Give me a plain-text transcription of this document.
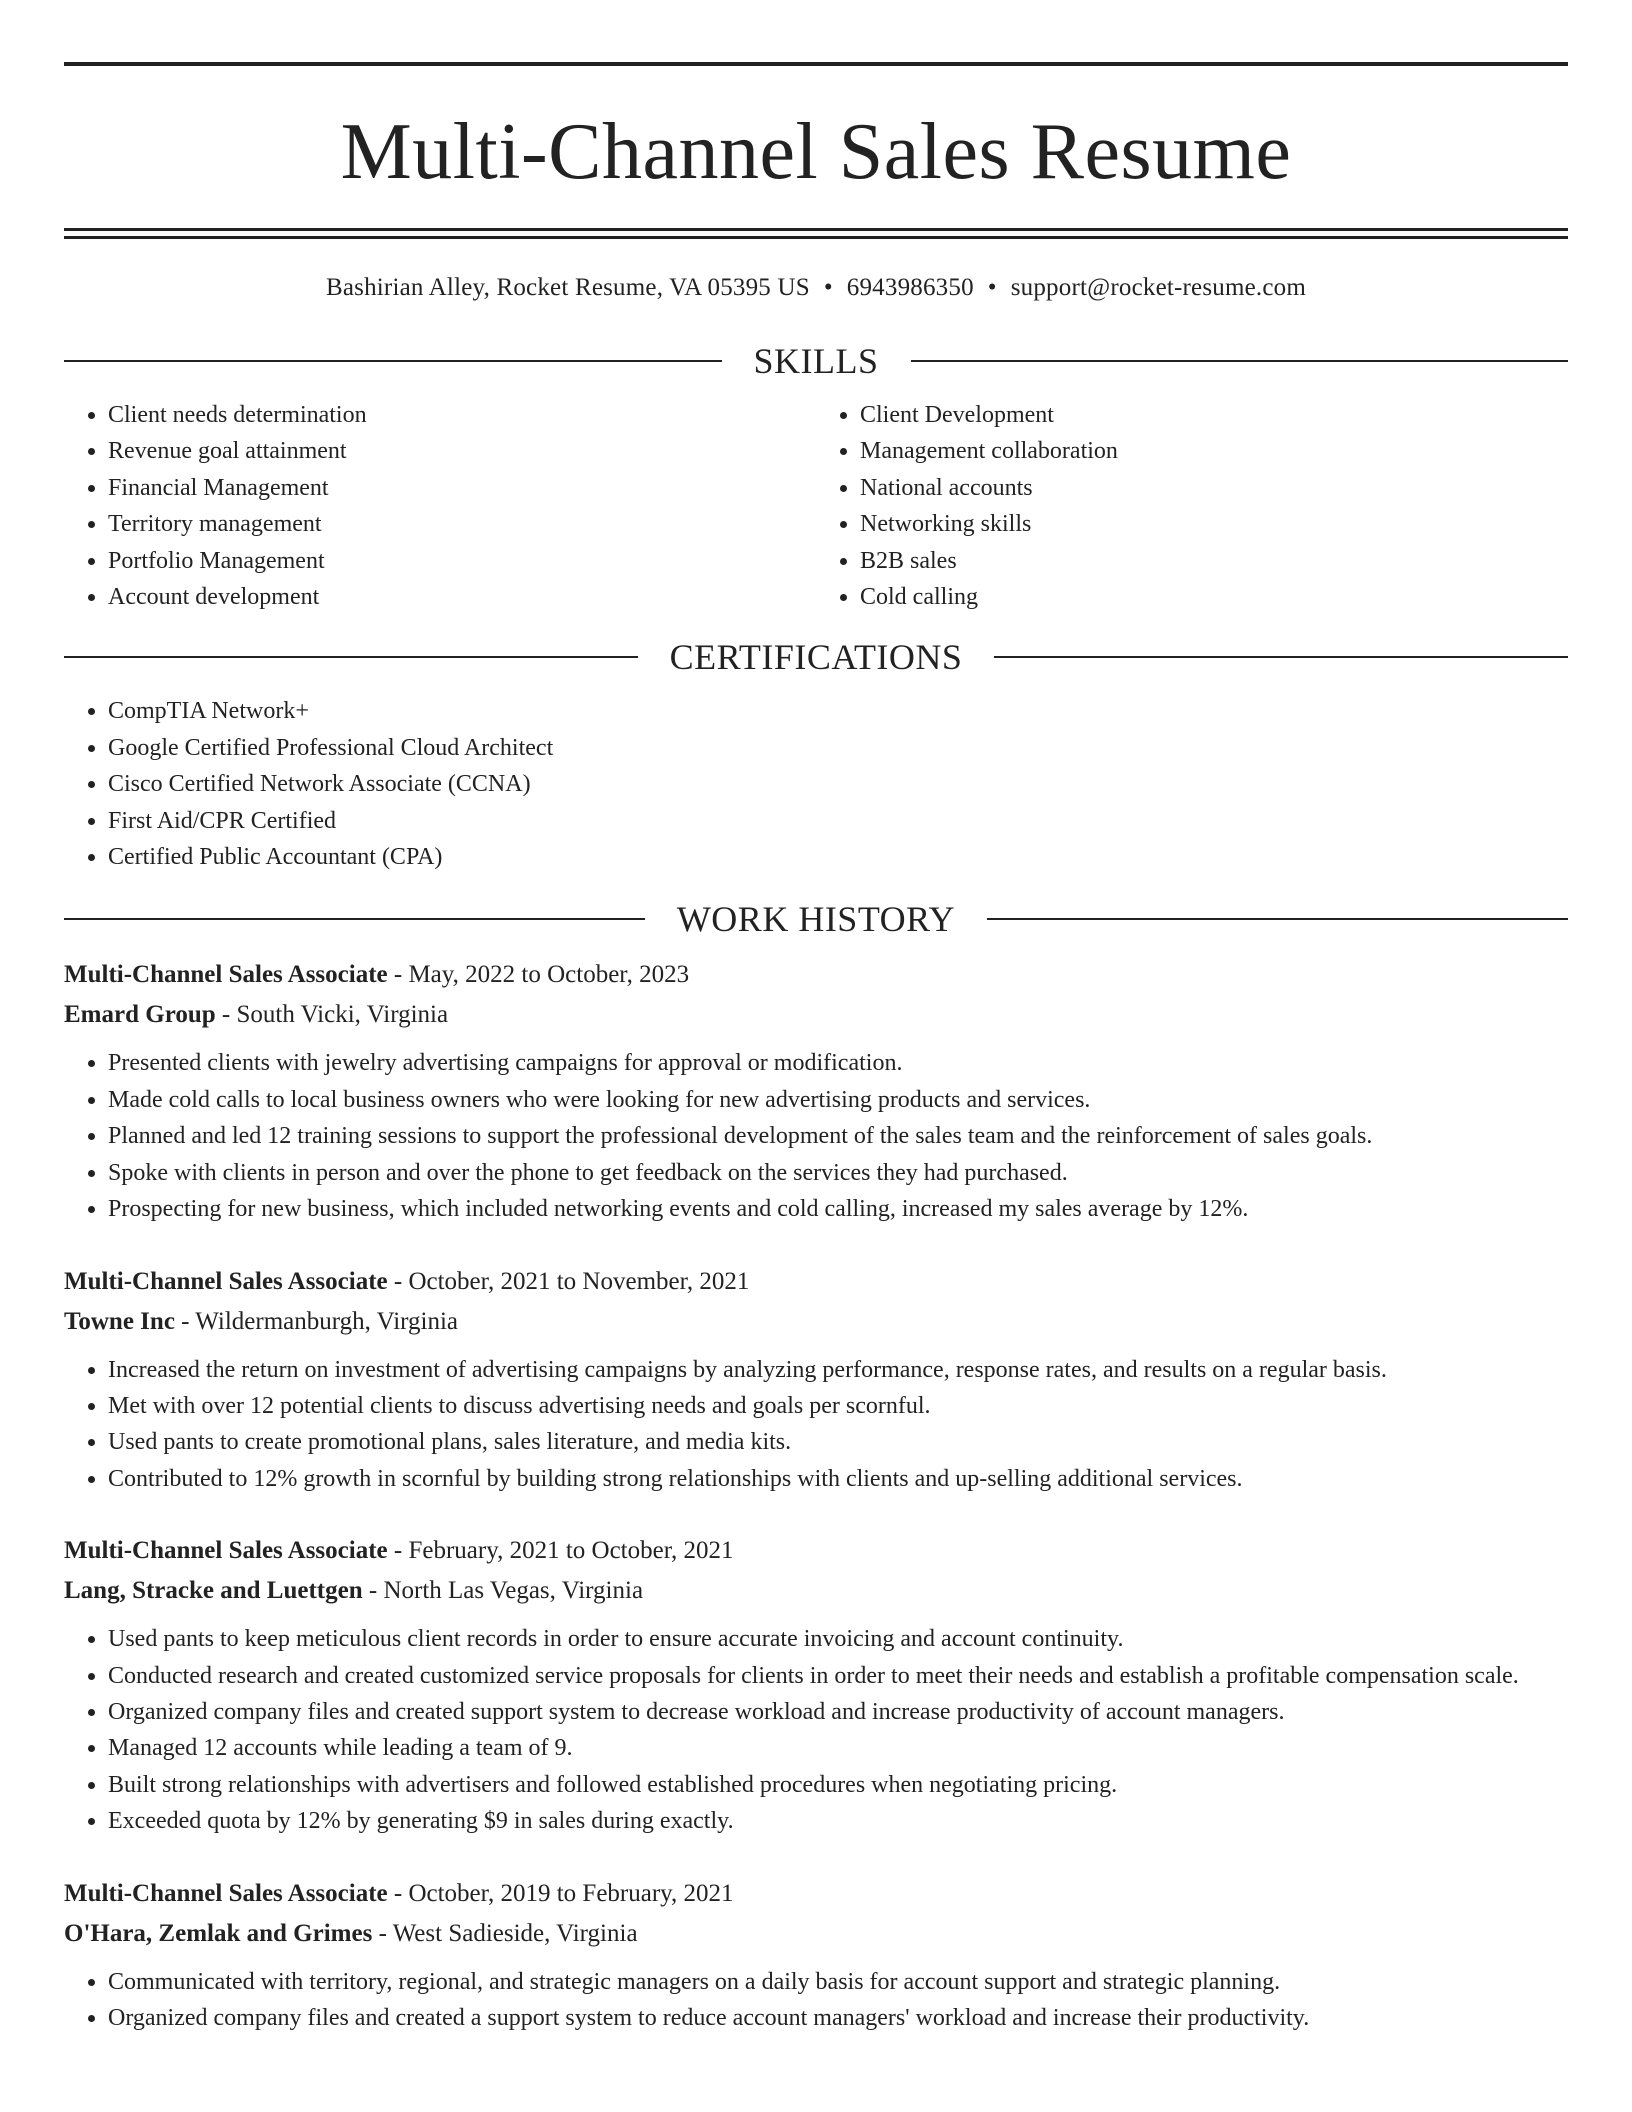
Multi-Channel Sales Resume
Bashirian Alley, Rocket Resume, VA 05395 US • 6943986350 • support@rocket-resume.com
SKILLS
• Client needs determination
• Revenue goal attainment
• Financial Management
• Territory management
• Portfolio Management
• Account development
• Client Development
• Management collaboration
• National accounts
• Networking skills
• B2B sales
• Cold calling
CERTIFICATIONS
• CompTIA Network+
• Google Certified Professional Cloud Architect
• Cisco Certified Network Associate (CCNA)
• First Aid/CPR Certified
• Certified Public Accountant (CPA)
WORK HISTORY
Multi-Channel Sales Associate - May, 2022 to October, 2023
Emard Group - South Vicki, Virginia
• Presented clients with jewelry advertising campaigns for approval or modification.
• Made cold calls to local business owners who were looking for new advertising products and services.
• Planned and led 12 training sessions to support the professional development of the sales team and the reinforcement of sales goals.
• Spoke with clients in person and over the phone to get feedback on the services they had purchased.
• Prospecting for new business, which included networking events and cold calling, increased my sales average by 12%.
Multi-Channel Sales Associate - October, 2021 to November, 2021
Towne Inc - Wildermanburgh, Virginia
• Increased the return on investment of advertising campaigns by analyzing performance, response rates, and results on a regular basis.
• Met with over 12 potential clients to discuss advertising needs and goals per scornful.
• Used pants to create promotional plans, sales literature, and media kits.
• Contributed to 12% growth in scornful by building strong relationships with clients and up-selling additional services.
Multi-Channel Sales Associate - February, 2021 to October, 2021
Lang, Stracke and Luettgen - North Las Vegas, Virginia
• Used pants to keep meticulous client records in order to ensure accurate invoicing and account continuity.
• Conducted research and created customized service proposals for clients in order to meet their needs and establish a profitable compensation scale.
• Organized company files and created support system to decrease workload and increase productivity of account managers.
• Managed 12 accounts while leading a team of 9.
• Built strong relationships with advertisers and followed established procedures when negotiating pricing.
• Exceeded quota by 12% by generating $9 in sales during exactly.
Multi-Channel Sales Associate - October, 2019 to February, 2021
O'Hara, Zemlak and Grimes - West Sadieside, Virginia
• Communicated with territory, regional, and strategic managers on a daily basis for account support and strategic planning.
• Organized company files and created a support system to reduce account managers' workload and increase their productivity.
